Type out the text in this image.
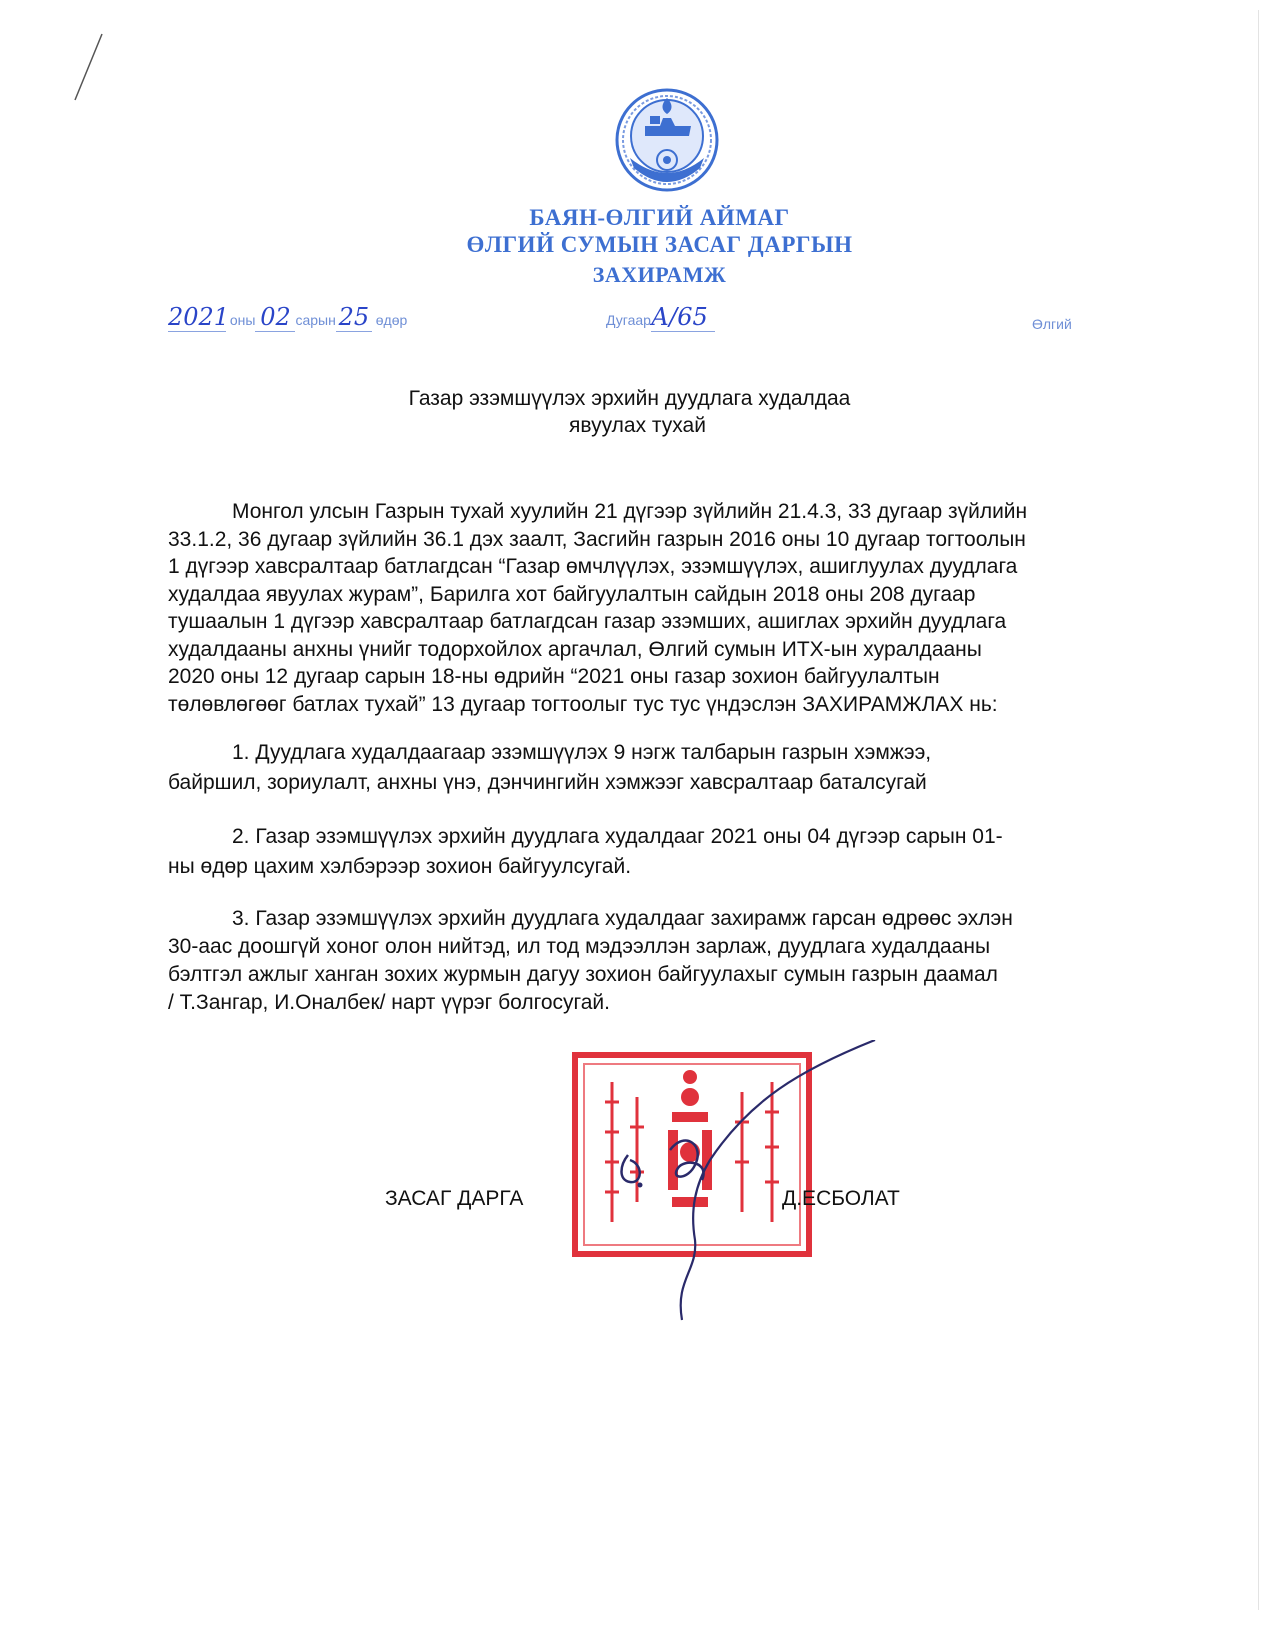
БАЯН-ӨЛГИЙ АЙМАГ
ӨЛГИЙ СУМЫН ЗАСАГ ДАРГЫН
ЗАХИРАМЖ
2021 оны 02 сарын 25 өдөр	ДугаарА/65	Өлгий
Газар эзэмшүүлэх эрхийн дуудлага худалдаа
явуулах тухай

Монгол улсын Газрын тухай хуулийн 21 дүгээр зүйлийн 21.4.3, 33 дугаар зүйлийн

33.1.2, 36 дугаар зүйлийн 36.1 дэх заалт, Засгийн газрын 2016 оны 10 дугаар тогтоолын

1 дүгээр хавсралтаар батлагдсан “Газар өмчлүүлэх, эзэмшүүлэх, ашиглуулах дуудлага

худалдаа явуулах журам”, Барилга хот байгуулалтын сайдын 2018 оны 208 дугаар

тушаалын 1 дүгээр хавсралтаар батлагдсан газар эзэмших, ашиглах эрхийн дуудлага

худалдааны анхны үнийг тодорхойлох аргачлал, Өлгий сумын ИТХ-ын хуралдааны

2020 оны 12 дугаар сарын 18-ны өдрийн “2021 оны газар зохион байгуулалтын

төлөвлөгөөг батлах тухай” 13 дугаар тогтоолыг тус тус үндэслэн ЗАХИРАМЖЛАХ нь:

1. Дуудлага худалдаагаар эзэмшүүлэх 9 нэгж талбарын газрын хэмжээ,
байршил, зориулалт, анхны үнэ, дэнчингийн хэмжээг хавсралтаар баталсугай
2. Газар эзэмшүүлэх эрхийн дуудлага худалдааг 2021 оны 04 дүгээр сарын 01-
ны өдөр цахим хэлбэрээр зохион байгуулсугай.
3. Газар эзэмшүүлэх эрхийн дуудлага худалдааг захирамж гарсан өдрөөс эхлэн
30-аас доошгүй хоног олон нийтэд, ил тод мэдээллэн зарлаж, дуудлага худалдааны
бэлтгэл ажлыг ханган зохих журмын дагуу зохион байгуулахыг сумын газрын даамал
/ Т.Зангар, И.Оналбек/ нарт үүрэг болгосугай.
ЗАСАГ ДАРГА	Д.ЕСБОЛАТ
